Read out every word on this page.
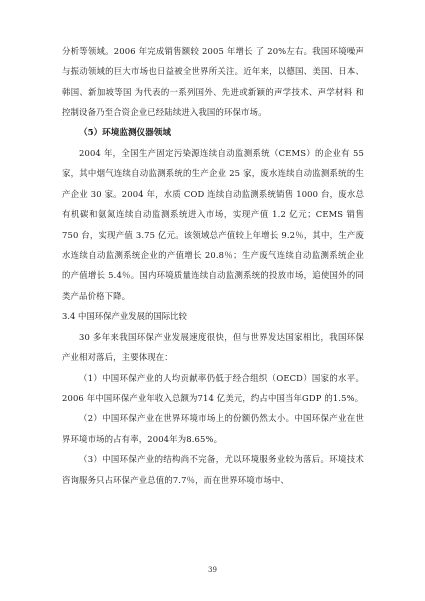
分析等领域。2006 年完成销售额较 2005 年增长 了 20%左右。我国环境噪声与振动领域的巨大市场也日益被全世界所关注。近年来，以德国、美国、日本、韩国、新加坡等国 为代表的一系列国外、先进或新颖的声学技术、声学材料 和控制设备乃至合资企业已经陆续进入我国的环保市场。

（5）环境监测仪器领域

2004 年，全国生产固定污染源连续自动监测系统（CEMS）的企业有 55 家，其中烟气连续自动监测系统的生产企业 25 家，废水连续自动监测系统的生产企业 30 家。2004 年，水质 COD 连续自动监测系统销售 1000 台，废水总有机碳和氨氮连续自动监测系统进入市场，实现产值 1.2 亿元；CEMS 销售 750 台，实现产值 3.75 亿元。该领域总产值较上年增长 9.2％，其中，生产废水连续自动监测系统企业的产值增长 20.8％；生产废气连续自动监测系统企业的产值增长 5.4％。国内环境质量连续自动监测系统的投放市场，追使国外的同类产品价格下降。

3.4 中国环保产业发展的国际比较

30 多年来我国环保产业发展速度很快，但与世界发达国家相比，我国环保产业相对落后，主要体现在：

（1）中国环保产业的人均贡献率仍低于经合组织（OECD）国家的水平。2006 年中国环保产业年收入总额为714 亿美元，约占中国当年GDP 的1.5%。

（2）中国环保产业在世界环境市场上的份额仍然太小。中国环保产业在世界环境市场的占有率，2004年为8.65%。

（3）中国环保产业的结构尚不完备，尤以环境服务业较为落后。环境技术咨询服务只占环保产业总值的7.7％，而在世界环境市场中、

39
